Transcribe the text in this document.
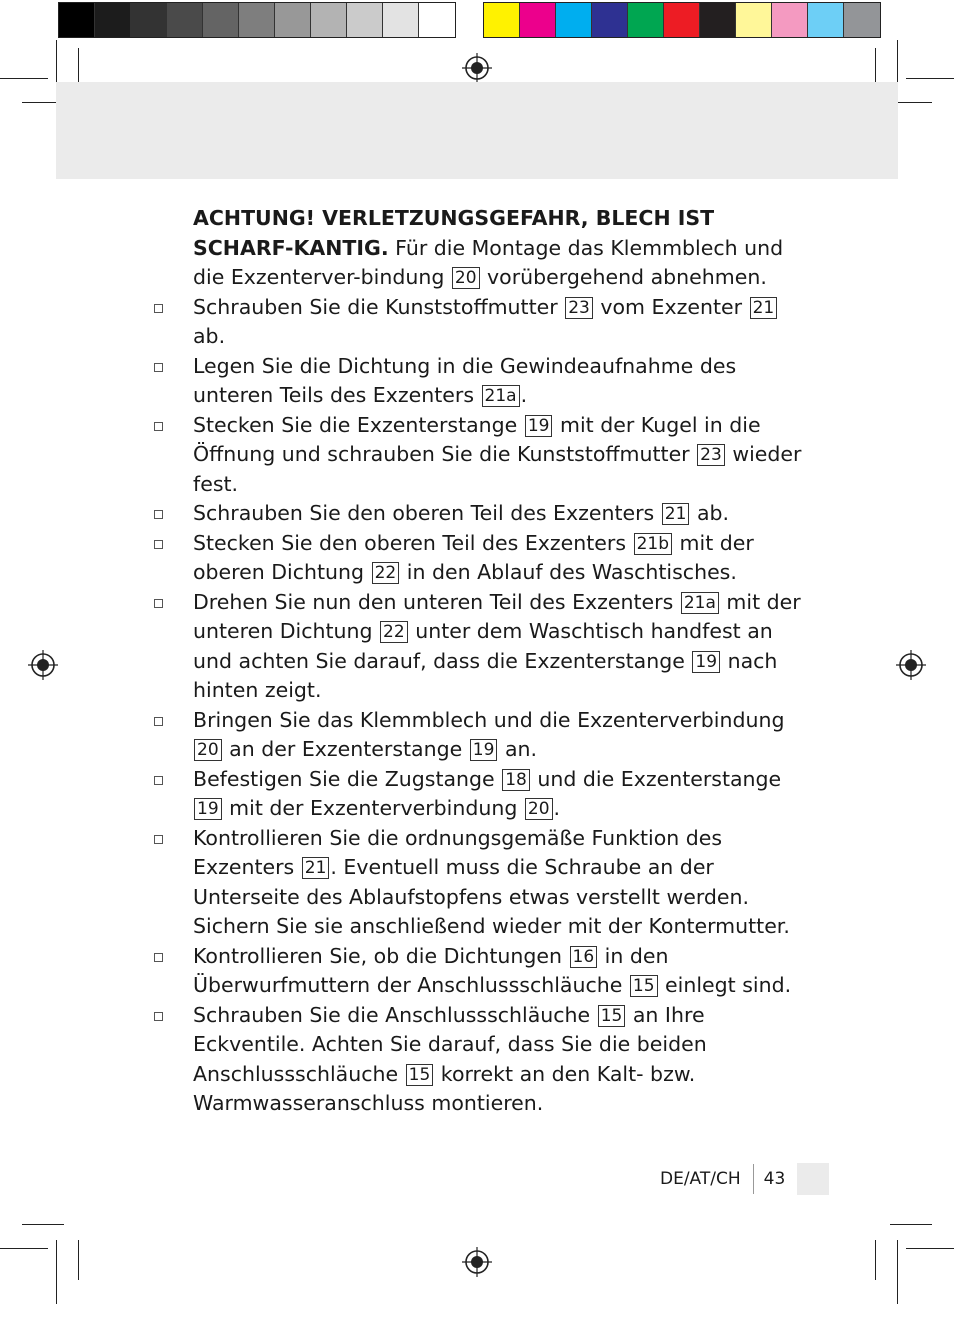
ACHTUNG! VERLETZUNGSGEFAHR, BLECH IST SCHARF-KANTIG. Für die Montage das Klemmblech und die Exzenterver-bindung 20 vorübergehend abnehmen.
Schrauben Sie die Kunststoffmutter 23 vom Exzenter 21 ab.
Legen Sie die Dichtung in die Gewindeaufnahme des unteren Teils des Exzenters 21a .
Stecken Sie die Exzenterstange 19 mit der Kugel in die Öffnung und schrauben Sie die Kunststoffmutter 23 wieder fest.
Schrauben Sie den oberen Teil des Exzenters 21 ab.
Stecken Sie den oberen Teil des Exzenters 21b mit der oberen Dichtung 22 in den Ablauf des Waschtisches.
Drehen Sie nun den unteren Teil des Exzenters 21a mit der unteren Dichtung 22 unter dem Waschtisch handfest an und achten Sie darauf, dass die Exzenterstange 19 nach hinten zeigt.
Bringen Sie das Klemmblech und die Exzenterverbindung 20 an der Exzenterstange 19 an.
Befestigen Sie die Zugstange 18 und die Exzenterstange 19 mit der Exzenterverbindung 20 .
Kontrollieren Sie die ordnungsgemäße Funktion des Exzenters 21 . Eventuell muss die Schraube an der Unterseite des Ablaufstopfens etwas verstellt werden. Sichern Sie sie anschließend wieder mit der Kontermutter.
Kontrollieren Sie, ob die Dichtungen 16 in den Überwurfmuttern der Anschlussschläuche 15 einlegt sind.
Schrauben Sie die Anschlussschläuche 15 an Ihre Eckventile. Achten Sie darauf, dass Sie die beiden Anschlussschläuche 15 korrekt an den Kalt- bzw. Warmwasseranschluss montieren.
DE/AT/CH	43
